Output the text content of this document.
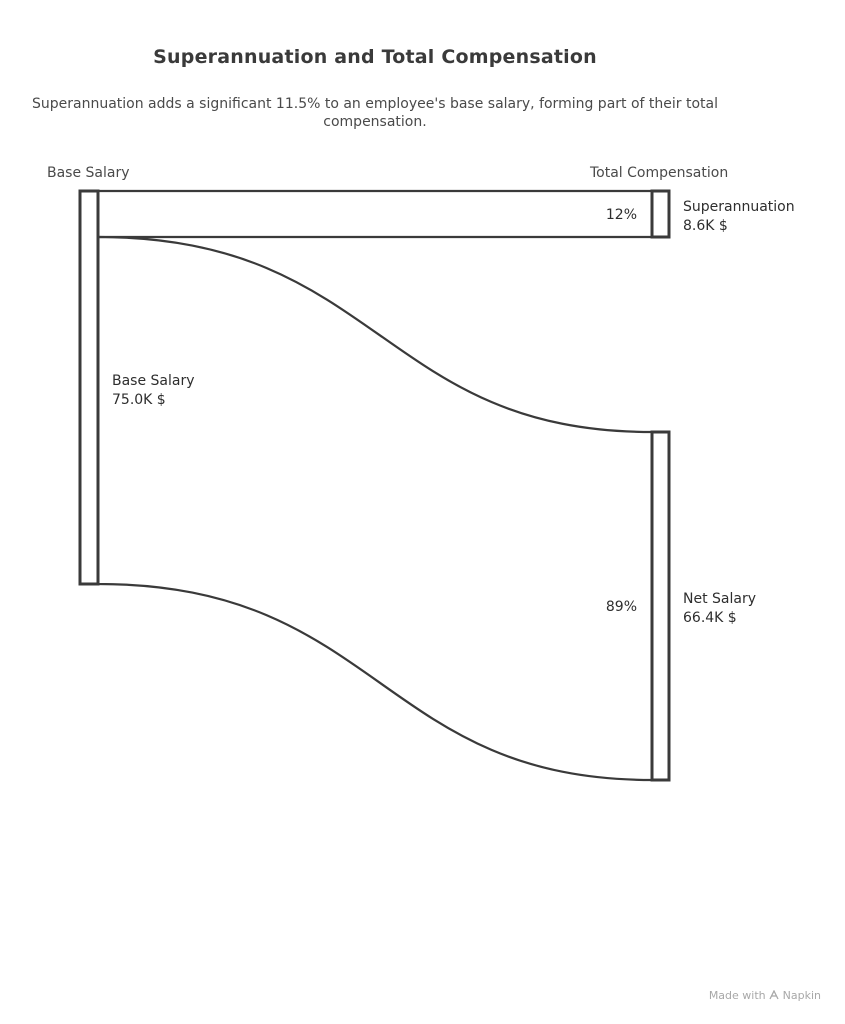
Superannuation and Total Compensation
Superannuation adds a significant 11.5% to an employee's base salary, forming part of their total compensation.
Base Salary	Total Compensation
Base Salary
75.0K $
Superannuation
8.6K $
Net Salary
66.4K $
12%
89%
Made with Napkin
